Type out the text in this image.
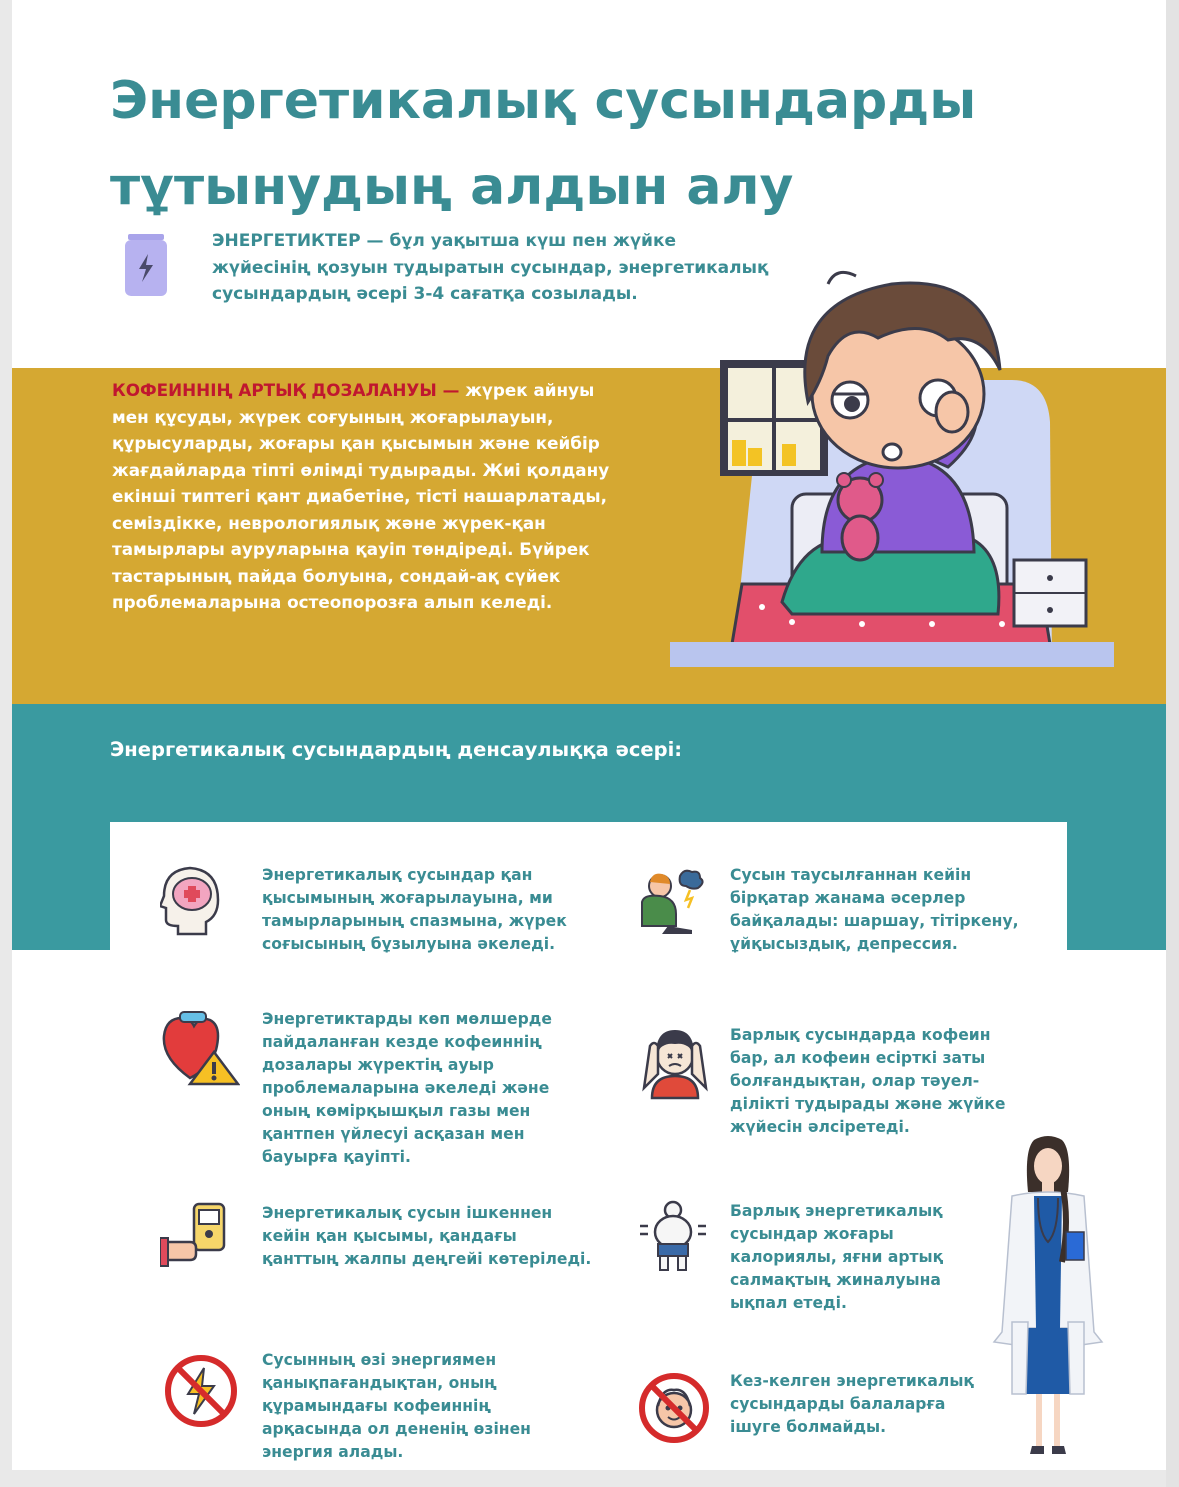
Энергетикалық сусындарды
тұтынудың алдын алу
ЭНЕРГЕТИКТЕР — бұл уақытша күш пен жүйке жүйесінің қозуын тудыратын сусындар, энергетикалық сусындардың әсері 3-4 сағатқа созылады.
КОФЕИННІҢ АРТЫҚ ДОЗАЛАНУЫ — жүрек айнуы мен құсуды, жүрек соғуының жоғарылауын, құрысуларды, жоғары қан қысымын және кейбір жағдайларда тіпті өлімді тудырады. Жиі қолдану екінші типтегі қант диабетіне, тісті нашарлатады, семіздікке, неврологиялық және жүрек-қан тамырлары ауруларына қауіп төндіреді. Бүйрек тастарының пайда болуына, сондай-ақ сүйек проблемаларына остеопорозға алып келеді.
Энергетикалық сусындардың денсаулыққа әсері:
Энергетикалық сусындар қан қысымының жоғарылауына, ми тамырларының спазмына, жүрек соғысының бұзылуына әкеледі.
Энергетиктарды көп мөлшерде пайдаланған кезде кофеиннің дозалары жүректің ауыр проблемаларына әкеледі және оның көмірқышқыл газы мен қантпен үйлесуі асқазан мен бауырға қауіпті.
Энергетикалық сусын ішкеннен кейін қан қысымы, қандағы қанттың жалпы деңгейі көтеріледі.
Сусынның өзі энергиямен қанықпағандықтан, оның құрамындағы кофеиннің арқасында ол дененің өзінен энергия алады.
Сусын таусылғаннан кейін бірқатар жанама әсерлер байқалады: шаршау, тітіркену, ұйқысыздық, депрессия.
Барлық сусындарда кофеин бар, ал кофеин есірткі заты болғандықтан, олар тәуел-ділікті тудырады және жүйке жүйесін әлсіретеді.
Барлық энергетикалық сусындар жоғары калориялы, яғни артық салмақтың жиналуына ықпал етеді.
Кез-келген энергетикалық сусындарды балаларға ішуге болмайды.
